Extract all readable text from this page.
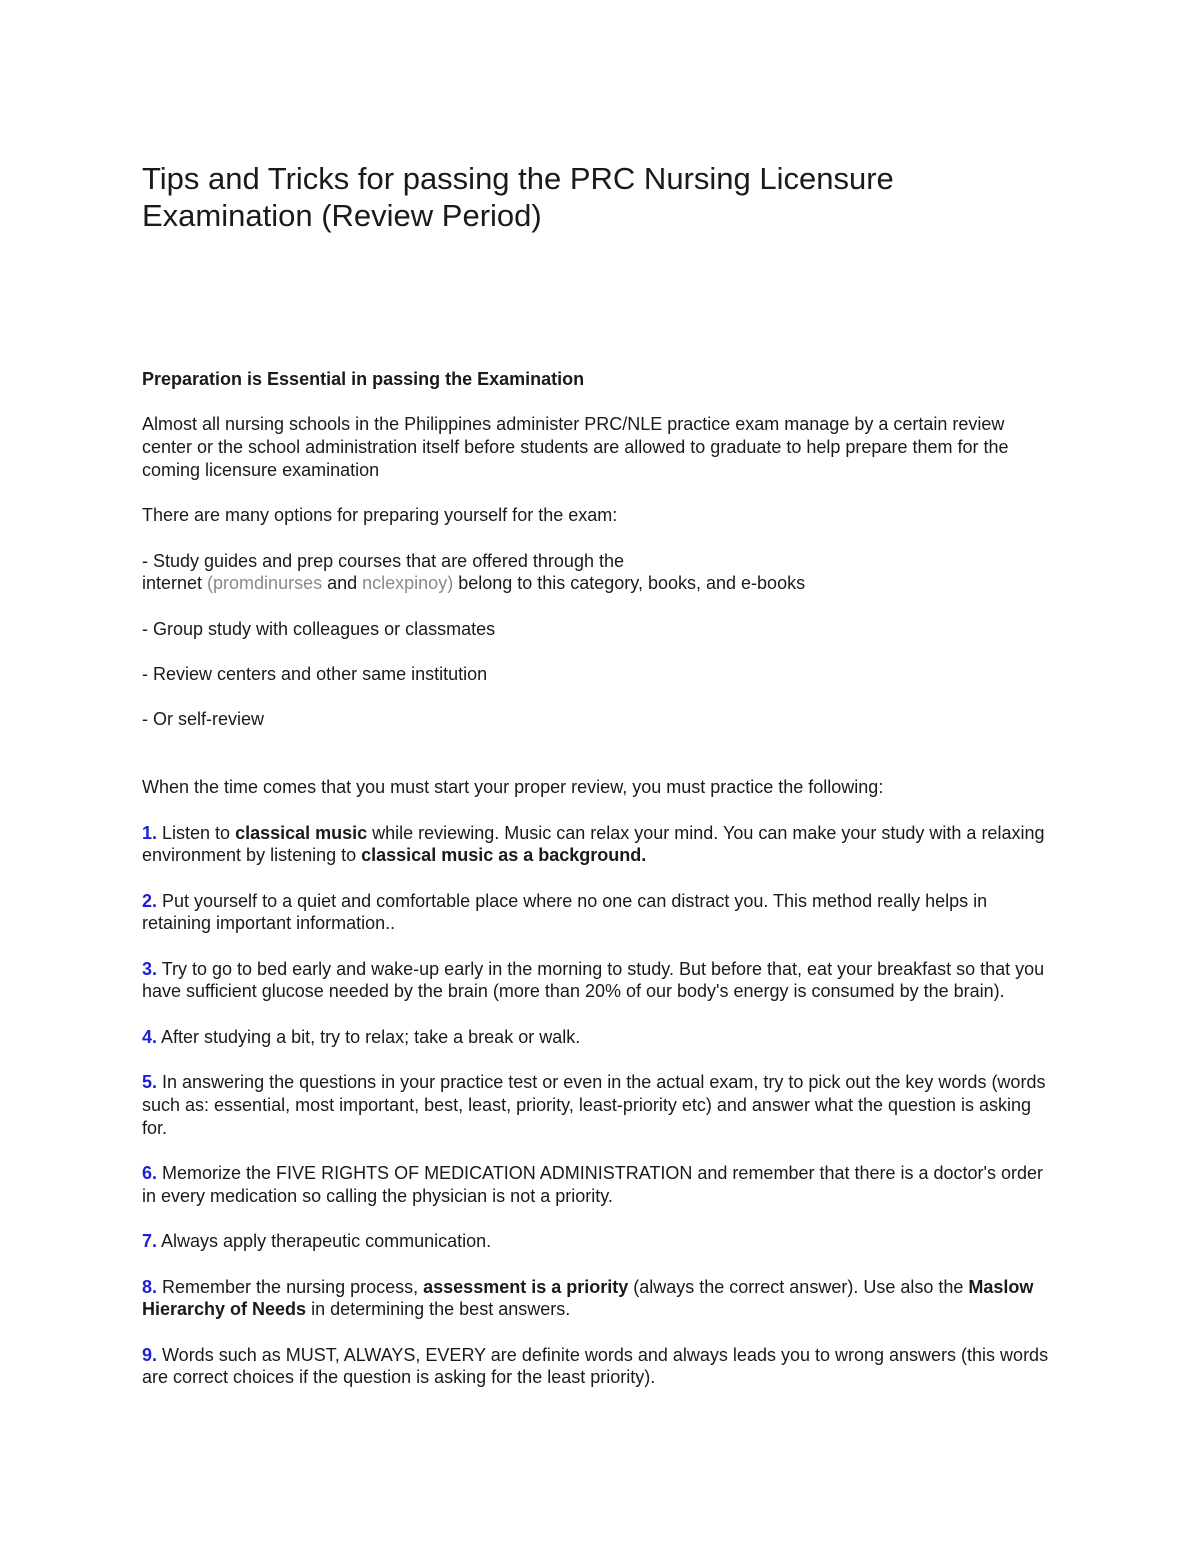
Tips and Tricks for passing the PRC Nursing Licensure
Examination (Review Period)

Preparation is Essential in passing the Examination

Almost all nursing schools in the Philippines administer PRC/NLE practice exam manage by a certain review center or the school administration itself before students are allowed to graduate to help prepare them for the coming licensure examination

There are many options for preparing yourself for the exam:

- Study guides and prep courses that are offered through the
internet (promdinurses and nclexpinoy) belong to this category, books, and e-books

- Group study with colleagues or classmates

- Review centers and other same institution

- Or self-review

When the time comes that you must start your proper review, you must practice the following:

1. Listen to classical music while reviewing. Music can relax your mind. You can make your study with a relaxing environment by listening to classical music as a background.

2. Put yourself to a quiet and comfortable place where no one can distract you. This method really helps in retaining important information..

3. Try to go to bed early and wake-up early in the morning to study. But before that, eat your breakfast so that you have sufficient glucose needed by the brain (more than 20% of our body's energy is consumed by the brain).

4. After studying a bit, try to relax; take a break or walk.

5. In answering the questions in your practice test or even in the actual exam, try to pick out the key words (words such as: essential, most important, best, least, priority, least-priority etc) and answer what the question is asking for.

6. Memorize the FIVE RIGHTS OF MEDICATION ADMINISTRATION and remember that there is a doctor's order in every medication so calling the physician is not a priority.

7. Always apply therapeutic communication.

8. Remember the nursing process, assessment is a priority (always the correct answer). Use also the Maslow Hierarchy of Needs in determining the best answers.

9. Words such as MUST, ALWAYS, EVERY are definite words and always leads you to wrong answers (this words are correct choices if the question is asking for the least priority).
